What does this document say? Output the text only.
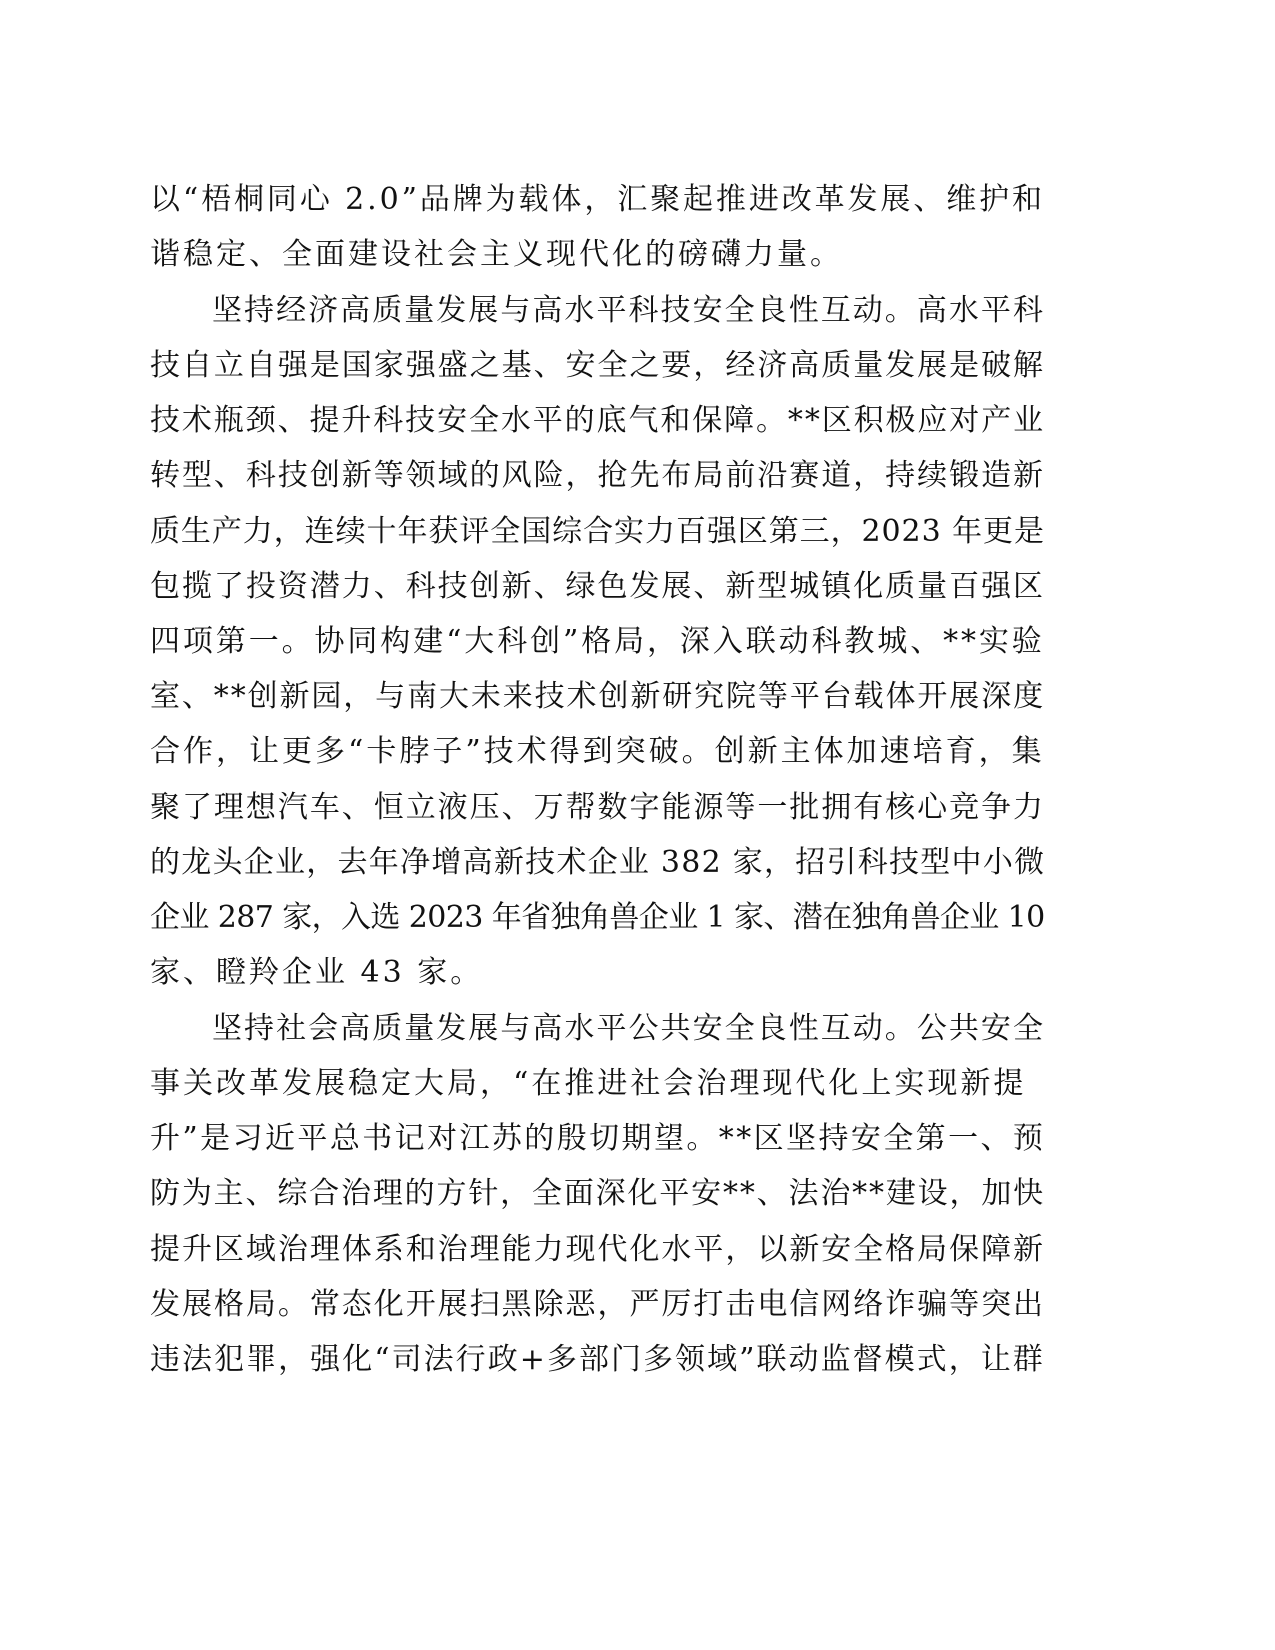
以“梧桐同心 2.0”品牌为载体，汇聚起推进改革发展、维护和
谐稳定、全面建设社会主义现代化的磅礴力量。
坚持经济高质量发展与高水平科技安全良性互动。高水平科
技自立自强是国家强盛之基、安全之要，经济高质量发展是破解
技术瓶颈、提升科技安全水平的底气和保障。**区积极应对产业
转型、科技创新等领域的风险，抢先布局前沿赛道，持续锻造新
质生产力，连续十年获评全国综合实力百强区第三，2023 年更是
包揽了投资潜力、科技创新、绿色发展、新型城镇化质量百强区
四项第一。协同构建“大科创”格局，深入联动科教城、**实验
室、**创新园，与南大未来技术创新研究院等平台载体开展深度
合作，让更多“卡脖子”技术得到突破。创新主体加速培育，集
聚了理想汽车、恒立液压、万帮数字能源等一批拥有核心竞争力
的龙头企业，去年净增高新技术企业 382 家，招引科技型中小微
企业 287 家，入选 2023 年省独角兽企业 1 家、潜在独角兽企业 10
家、瞪羚企业 43 家。
坚持社会高质量发展与高水平公共安全良性互动。公共安全
事关改革发展稳定大局，“在推进社会治理现代化上实现新提
升”是习近平总书记对江苏的殷切期望。**区坚持安全第一、预
防为主、综合治理的方针，全面深化平安**、法治**建设，加快
提升区域治理体系和治理能力现代化水平，以新安全格局保障新
发展格局。常态化开展扫黑除恶，严厉打击电信网络诈骗等突出
违法犯罪，强化“司法行政+多部门多领域”联动监督模式，让群
